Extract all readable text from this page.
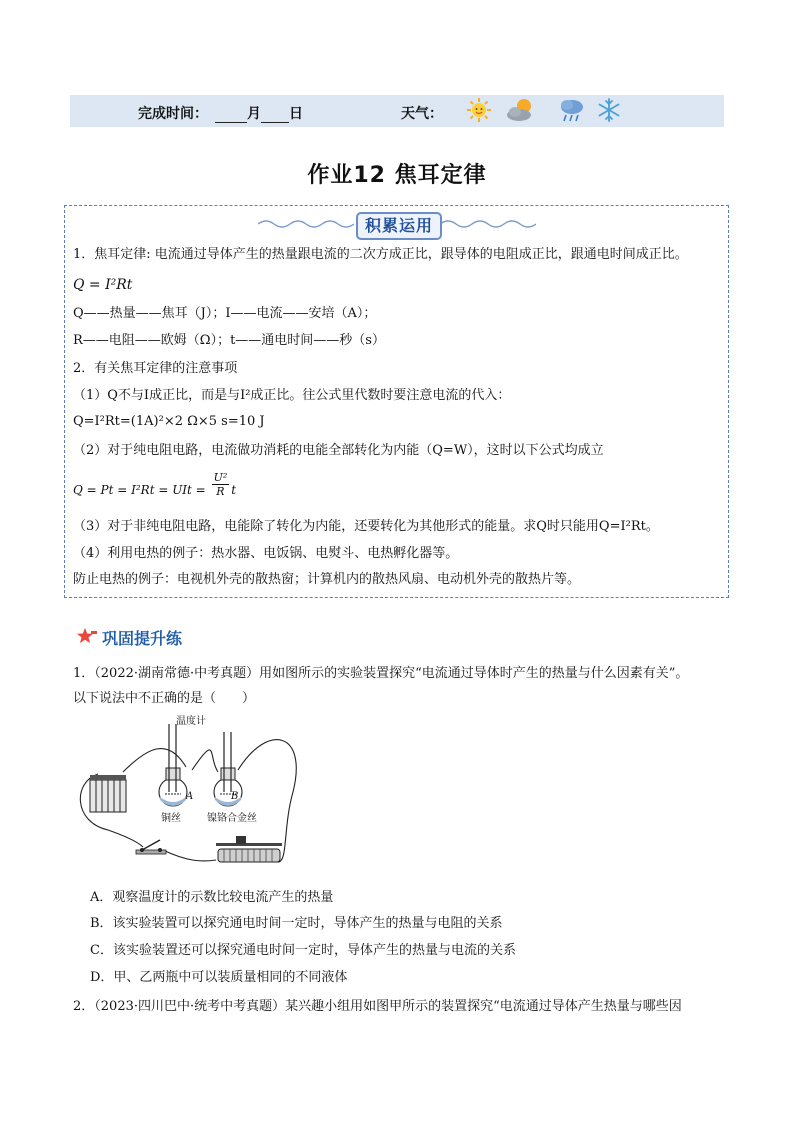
完成时间：	月 日	天气：
作业12 焦耳定律
积累运用
1．焦耳定律: 电流通过导体产生的热量跟电流的二次方成正比，跟导体的电阻成正比，跟通电时间成正比。
Q = I²Rt
Q——热量——焦耳（J）；I——电流——安培（A）；
R——电阻——欧姆（Ω）；t——通电时间——秒（s）
2．有关焦耳定律的注意事项
（1）Q不与I成正比，而是与I²成正比。往公式里代数时要注意电流的代入：
Q=I²Rt=(1A)²×2 Ω×5 s=10 J
（2）对于纯电阻电路，电流做功消耗的电能全部转化为内能（Q=W），这时以下公式均成立
Q = Pt = I²Rt = UIt = $\frac{\text{U²}}{R}$ t
（3）对于非纯电阻电路，电能除了转化为内能，还要转化为其他形式的能量。求Q时只能用Q=I²Rt。
（4）利用电热的例子：热水器、电饭锅、电熨斗、电热孵化器等。
防止电热的例子：电视机外壳的散热窗；计算机内的散热风扇、电动机外壳的散热片等。
巩固提升练
1．（2022·湖南常德·中考真题）用如图所示的实验装置探究“电流通过导体时产生的热量与什么因素有关”。
以下说法中不正确的是（　　）
温度计
A	B
铜丝	镍铬合金丝
A．观察温度计的示数比较电流产生的热量
B．该实验装置可以探究通电时间一定时，导体产生的热量与电阻的关系
C．该实验装置还可以探究通电时间一定时，导体产生的热量与电流的关系
D．甲、乙两瓶中可以装质量相同的不同液体
2．（2023·四川巴中·统考中考真题）某兴趣小组用如图甲所示的装置探究“电流通过导体产生热量与哪些因
